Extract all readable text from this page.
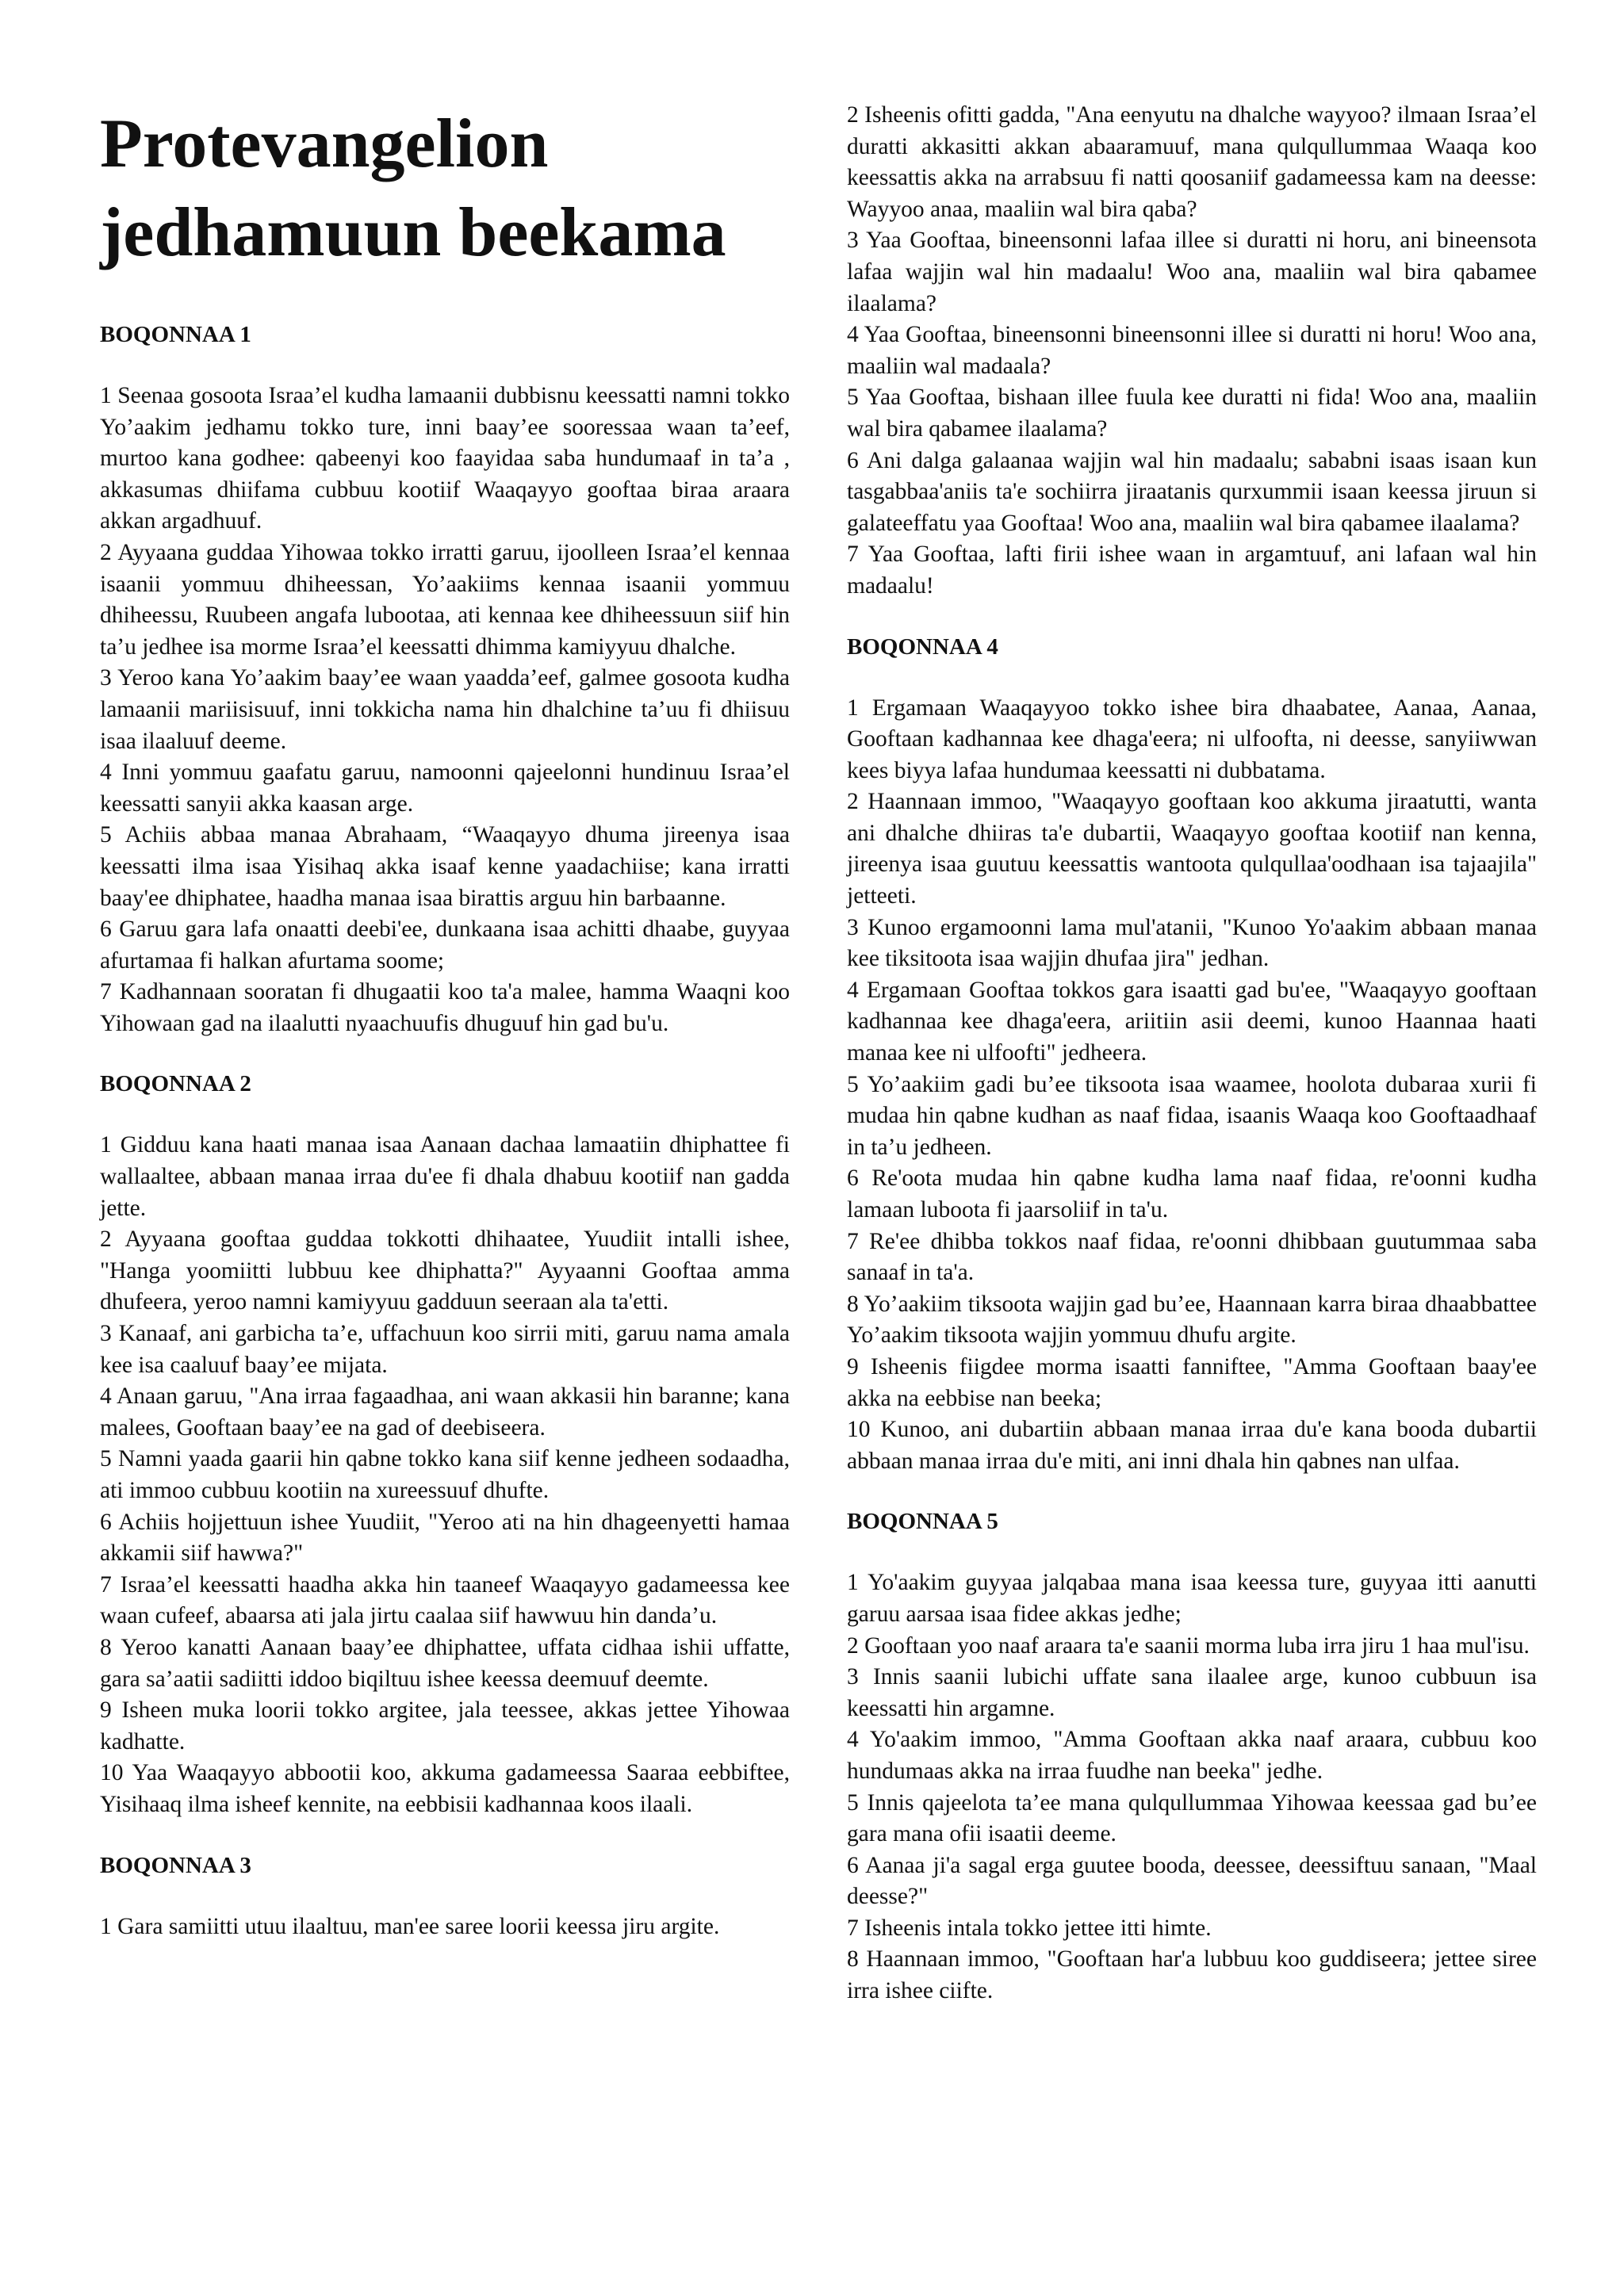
Protevangelion jedhamuun beekama

BOQONNAA 1

1 Seenaa gosoota Israa’el kudha lamaanii dubbisnu keessatti namni tokko Yo’aakim jedhamu tokko ture, inni baay’ee sooressaa waan ta’eef, murtoo kana godhee: qabeenyi koo faayidaa saba hundumaaf in ta’a , akkasumas dhiifama cubbuu kootiif Waaqayyo gooftaa biraa araara akkan argadhuuf.

2 Ayyaana guddaa Yihowaa tokko irratti garuu, ijoolleen Israa’el kennaa isaanii yommuu dhiheessan, Yo’aakiims kennaa isaanii yommuu dhiheessu, Ruubeen angafa lubootaa, ati kennaa kee dhiheessuun siif hin ta’u jedhee isa morme Israa’el keessatti dhimma kamiyyuu dhalche.

3 Yeroo kana Yo’aakim baay’ee waan yaadda’eef, galmee gosoota kudha lamaanii mariisisuuf, inni tokkicha nama hin dhalchine ta’uu fi dhiisuu isaa ilaaluuf deeme.

4 Inni yommuu gaafatu garuu, namoonni qajeelonni hundinuu Israa’el keessatti sanyii akka kaasan arge.

5 Achiis abbaa manaa Abrahaam, “Waaqayyo dhuma jireenya isaa keessatti ilma isaa Yisihaq akka isaaf kenne yaadachiise; kana irratti baay'ee dhiphatee, haadha manaa isaa birattis arguu hin barbaanne.

6 Garuu gara lafa onaatti deebi'ee, dunkaana isaa achitti dhaabe, guyyaa afurtamaa fi halkan afurtama soome;

7 Kadhannaan sooratan fi dhugaatii koo ta'a malee, hamma Waaqni koo Yihowaan gad na ilaalutti nyaachuufis dhuguuf hin gad bu'u.

BOQONNAA 2

1 Gidduu kana haati manaa isaa Aanaan dachaa lamaatiin dhiphattee fi wallaaltee, abbaan manaa irraa du'ee fi dhala dhabuu kootiif nan gadda jette.

2 Ayyaana gooftaa guddaa tokkotti dhihaatee, Yuudiit intalli ishee, "Hanga yoomiitti lubbuu kee dhiphatta?" Ayyaanni Gooftaa amma dhufeera, yeroo namni kamiyyuu gadduun seeraan ala ta'etti.

3 Kanaaf, ani garbicha ta’e, uffachuun koo sirrii miti, garuu nama amala kee isa caaluuf baay’ee mijata.

4 Anaan garuu, "Ana irraa fagaadhaa, ani waan akkasii hin baranne; kana malees, Gooftaan baay’ee na gad of deebiseera.

5 Namni yaada gaarii hin qabne tokko kana siif kenne jedheen sodaadha, ati immoo cubbuu kootiin na xureessuuf dhufte.

6 Achiis hojjettuun ishee Yuudiit, "Yeroo ati na hin dhageenyetti hamaa akkamii siif hawwa?"

7 Israa’el keessatti haadha akka hin taaneef Waaqayyo gadameessa kee waan cufeef, abaarsa ati jala jirtu caalaa siif hawwuu hin danda’u.

8 Yeroo kanatti Aanaan baay’ee dhiphattee, uffata cidhaa ishii uffatte, gara sa’aatii sadiitti iddoo biqiltuu ishee keessa deemuuf deemte.

9 Isheen muka loorii tokko argitee, jala teessee, akkas jettee Yihowaa kadhatte.

10 Yaa Waaqayyo abbootii koo, akkuma gadameessa Saaraa eebbiftee, Yisihaaq ilma isheef kennite, na eebbisii kadhannaa koos ilaali.

BOQONNAA 3

1 Gara samiitti utuu ilaaltuu, man'ee saree loorii keessa jiru argite.

2 Isheenis ofitti gadda, "Ana eenyutu na dhalche wayyoo? ilmaan Israa’el duratti akkasitti akkan abaaramuuf, mana qulqullummaa Waaqa koo keessattis akka na arrabsuu fi natti qoosaniif gadameessa kam na deesse: Wayyoo anaa, maaliin wal bira qaba?

3 Yaa Gooftaa, bineensonni lafaa illee si duratti ni horu, ani bineensota lafaa wajjin wal hin madaalu! Woo ana, maaliin wal bira qabamee ilaalama?

4 Yaa Gooftaa, bineensonni bineensonni illee si duratti ni horu! Woo ana, maaliin wal madaala?

5 Yaa Gooftaa, bishaan illee fuula kee duratti ni fida! Woo ana, maaliin wal bira qabamee ilaalama?

6 Ani dalga galaanaa wajjin wal hin madaalu; sababni isaas isaan kun tasgabbaa'aniis ta'e sochiirra jiraatanis qurxummii isaan keessa jiruun si galateeffatu yaa Gooftaa! Woo ana, maaliin wal bira qabamee ilaalama?

7 Yaa Gooftaa, lafti firii ishee waan in argamtuuf, ani lafaan wal hin madaalu!

BOQONNAA 4

1 Ergamaan Waaqayyoo tokko ishee bira dhaabatee, Aanaa, Aanaa, Gooftaan kadhannaa kee dhaga'eera; ni ulfoofta, ni deesse, sanyiiwwan kees biyya lafaa hundumaa keessatti ni dubbatama.

2 Haannaan immoo, "Waaqayyo gooftaan koo akkuma jiraatutti, wanta ani dhalche dhiiras ta'e dubartii, Waaqayyo gooftaa kootiif nan kenna, jireenya isaa guutuu keessattis wantoota qulqullaa'oodhaan isa tajaajila" jetteeti.

3 Kunoo ergamoonni lama mul'atanii, "Kunoo Yo'aakim abbaan manaa kee tiksitoota isaa wajjin dhufaa jira" jedhan.

4 Ergamaan Gooftaa tokkos gara isaatti gad bu'ee, "Waaqayyo gooftaan kadhannaa kee dhaga'eera, ariitiin asii deemi, kunoo Haannaa haati manaa kee ni ulfoofti" jedheera.

5 Yo’aakiim gadi bu’ee tiksoota isaa waamee, hoolota dubaraa xurii fi mudaa hin qabne kudhan as naaf fidaa, isaanis Waaqa koo Gooftaadhaaf in ta’u jedheen.

6 Re'oota mudaa hin qabne kudha lama naaf fidaa, re'oonni kudha lamaan luboota fi jaarsoliif in ta'u.

7 Re'ee dhibba tokkos naaf fidaa, re'oonni dhibbaan guutummaa saba sanaaf in ta'a.

8 Yo’aakiim tiksoota wajjin gad bu’ee, Haannaan karra biraa dhaabbattee Yo’aakim tiksoota wajjin yommuu dhufu argite.

9 Isheenis fiigdee morma isaatti fanniftee, "Amma Gooftaan baay'ee akka na eebbise nan beeka;

10 Kunoo, ani dubartiin abbaan manaa irraa du'e kana booda dubartii abbaan manaa irraa du'e miti, ani inni dhala hin qabnes nan ulfaa.

BOQONNAA 5

1 Yo'aakim guyyaa jalqabaa mana isaa keessa ture, guyyaa itti aanutti garuu aarsaa isaa fidee akkas jedhe;

2 Gooftaan yoo naaf araara ta'e saanii morma luba irra jiru 1 haa mul'isu.

3 Innis saanii lubichi uffate sana ilaalee arge, kunoo cubbuun isa keessatti hin argamne.

4 Yo'aakim immoo, "Amma Gooftaan akka naaf araara, cubbuu koo hundumaas akka na irraa fuudhe nan beeka" jedhe.

5 Innis qajeelota ta’ee mana qulqullummaa Yihowaa keessaa gad bu’ee gara mana ofii isaatii deeme.

6 Aanaa ji'a sagal erga guutee booda, deessee, deessiftuu sanaan, "Maal deesse?"

7 Isheenis intala tokko jettee itti himte.

8 Haannaan immoo, "Gooftaan har'a lubbuu koo guddiseera; jettee siree irra ishee ciifte.
